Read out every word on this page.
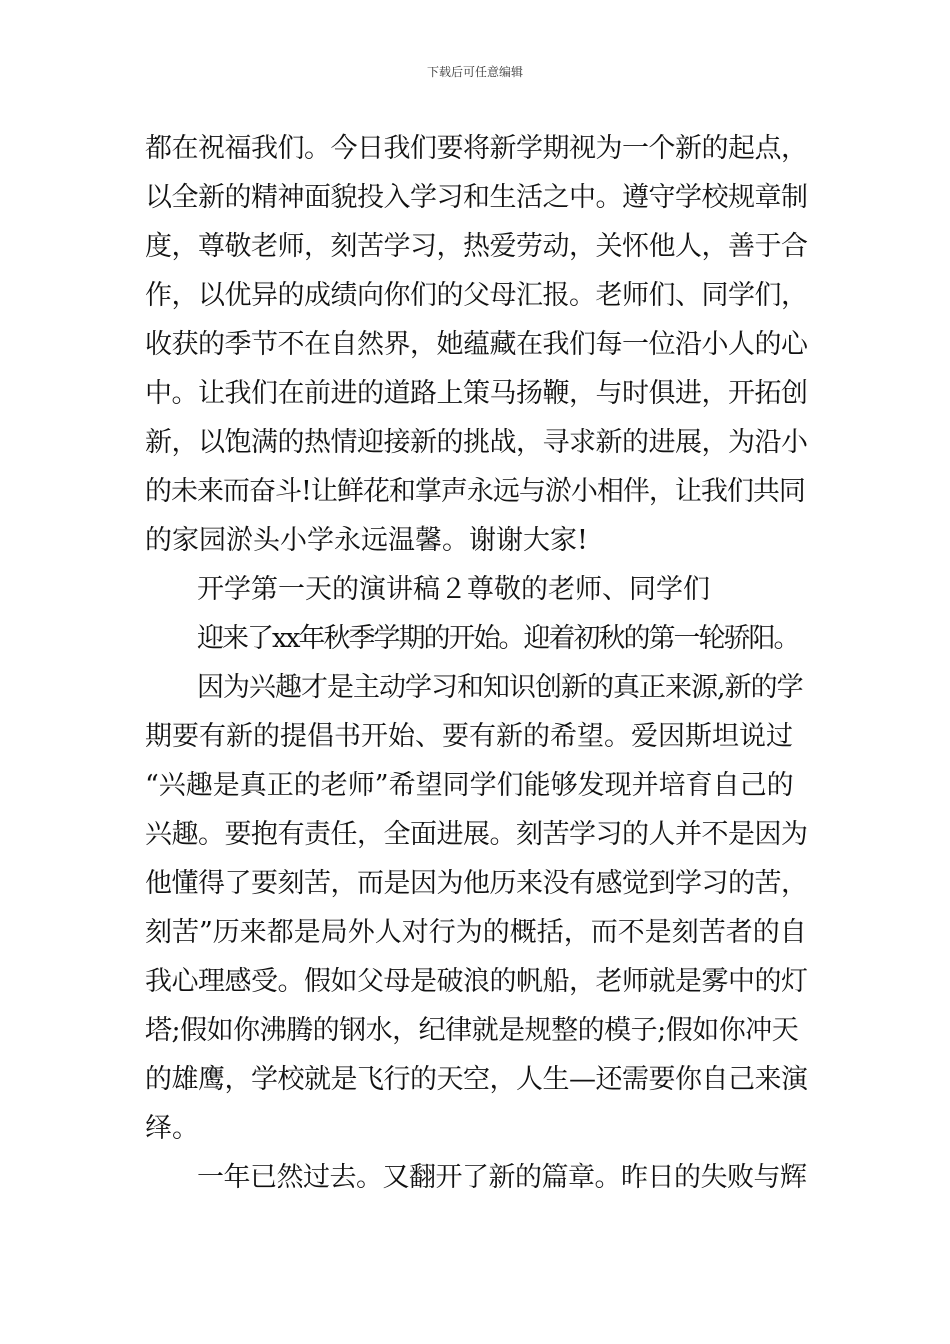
下载后可任意编辑

都在祝福我们。今日我们要将新学期视为一个新的起点，
以全新的精神面貌投入学习和生活之中。遵守学校规章制
度，尊敬老师，刻苦学习，热爱劳动，关怀他人，善于合
作，以优异的成绩向你们的父母汇报。老师们、同学们，
收获的季节不在自然界，她蕴藏在我们每一位沿小人的心
中。让我们在前进的道路上策马扬鞭，与时俱进，开拓创
新，以饱满的热情迎接新的挑战，寻求新的进展，为沿小
的未来而奋斗!让鲜花和掌声永远与淤小相伴，让我们共同
的家园淤头小学永远温馨。谢谢大家!

开学第一天的演讲稿２尊敬的老师、同学们

迎来了xx年秋季学期的开始。迎着初秋的第一轮骄阳。

因为兴趣才是主动学习和知识创新的真正来源,新的学
期要有新的提倡书开始、要有新的希望。爱因斯坦说过
“兴趣是真正的老师”希望同学们能够发现并培育自己的
兴趣。要抱有责任，全面进展。刻苦学习的人并不是因为
他懂得了要刻苦，而是因为他历来没有感觉到学习的苦，
刻苦”历来都是局外人对行为的概括，而不是刻苦者的自
我心理感受。假如父母是破浪的帆船，老师就是雾中的灯
塔;假如你沸腾的钢水，纪律就是规整的模子;假如你冲天
的雄鹰，学校就是飞行的天空，人生—还需要你自己来演
绎。

一年已然过去。又翻开了新的篇章。昨日的失败与辉
